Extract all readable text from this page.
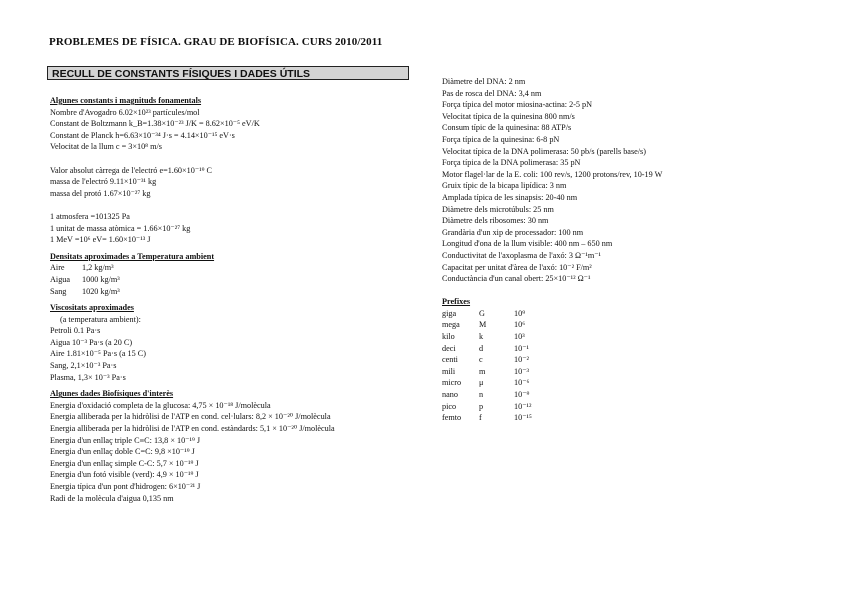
PROBLEMES DE FÍSICA. GRAU DE BIOFÍSICA. CURS 2010/2011
RECULL DE CONSTANTS FÍSIQUES I DADES ÚTILS
Algunes constants i magnituds fonamentals
Nombre d'Avogadro 6.02×10²³ partícules/mol
Constant de Boltzmann k_B=1.38×10⁻²³ J/K = 8.62×10⁻⁵ eV/K
Constant de Planck h=6.63×10⁻³⁴ J·s = 4.14×10⁻¹⁵ eV·s
Velocitat de la llum c = 3×10⁸ m/s
Valor absolut càrrega de l'electró e=1.60×10⁻¹⁹ C
massa de l'electró 9.11×10⁻³¹ kg
massa del protó 1.67×10⁻²⁷ kg
1 atmosfera =101325 Pa
1 unitat de massa atòmica = 1.66×10⁻²⁷ kg
1 MeV =10⁶ eV= 1.60×10⁻¹³ J
Densitats aproximades a Temperatura ambient
Aire 1,2 kg/m³
Aigua 1000 kg/m³
Sang 1020 kg/m³
Viscositats aproximades
(a temperatura ambient):
Petroli 0.1 Pa·s
Aigua 10⁻³ Pa·s (a 20 C)
Aire 1.81×10⁻⁵ Pa·s (a 15 C)
Sang, 2,1×10⁻³ Pa·s
Plasma, 1,3× 10⁻³ Pa·s
Algunes dades Biofísiques d'interès
Energia d'oxidació completa de la glucosa: 4,75 × 10⁻¹⁸ J/molècula
Energia alliberada per la hidròlisi de l'ATP en cond. cel·lulars: 8,2 × 10⁻²⁰ J/molècula
Energia alliberada per la hidròlisi de l'ATP en cond. estàndards: 5,1 × 10⁻²⁰ J/molècula
Energia d'un enllaç triple C≡C: 13,8 × 10⁻¹⁹ J
Energia d'un enllaç doble C=C: 9,8 ×10⁻¹⁹ J
Energia d'un enllaç simple C-C: 5,7 × 10⁻¹⁹ J
Energia d'un fotó visible (verd): 4,9 × 10⁻¹⁹ J
Energia típica d'un pont d'hidrogen: 6×10⁻²¹ J
Radi de la molècula d'aigua 0,135 nm
Diàmetre del DNA: 2 nm
Pas de rosca del DNA: 3,4 nm
Força típica del motor miosina-actina: 2-5 pN
Velocitat típica de la quinesina 800 nm/s
Consum típic de la quinesina: 88 ATP/s
Força típica de la quinesina: 6-8 pN
Velocitat típica de la DNA polimerasa: 50 pb/s (parells base/s)
Força típica de la DNA polimerasa: 35 pN
Motor flagel·lar de la E. coli: 100 rev/s, 1200 protons/rev, 10-19 W
Gruix típic de la bicapa lipídica: 3 nm
Amplada típica de les sinapsis: 20-40 nm
Diàmetre dels microtúbuls: 25 nm
Diàmetre dels ribosomes: 30 nm
Grandària d'un xip de processador: 100 nm
Longitud d'ona de la llum visible: 400 nm – 650 nm
Conductivitat de l'axoplasma de l'axó: 3 Ω⁻¹m⁻¹
Capacitat per unitat d'àrea de l'axó: 10⁻² F/m²
Conductància d'un canal obert: 25×10⁻¹² Ω⁻¹
Prefixes
giga	G	10⁹
mega	M	10⁶
kilo	k	10³
deci	d	10⁻¹
centi	c	10⁻²
mili	m	10⁻³
micro	μ	10⁻⁶
nano	n	10⁻⁹
pico	p	10⁻¹²
femto	f	10⁻¹⁵
